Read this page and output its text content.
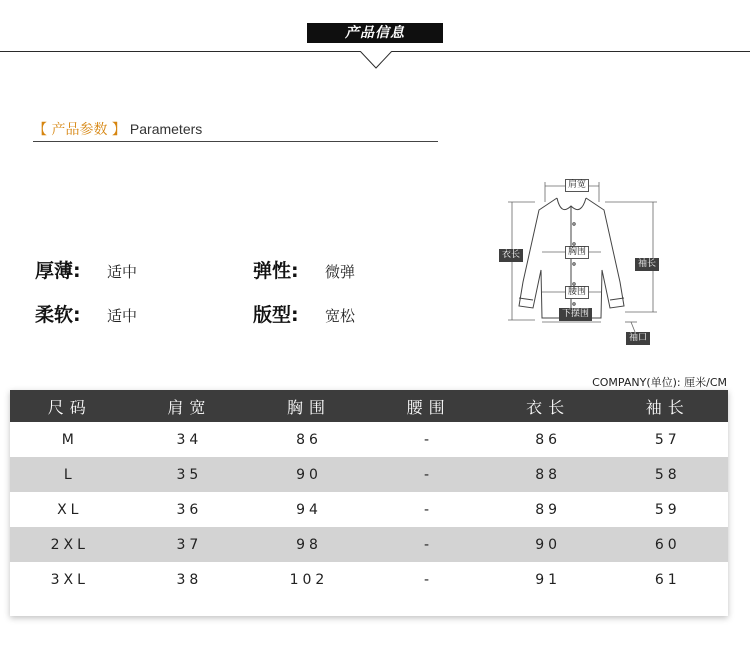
产品信息
【 产品参数 】 Parameters
厚薄: 适中	弹性: 微弹
柔软: 适中	版型: 宽松
肩宽
衣长	胸围
袖长
腰围
下摆围
袖口
COMPANY(单位): 厘米/CM
尺码	肩宽	胸围	腰围	衣长	袖长
M	34	86	-	86	57
L	35	90	-	88	58
XL	36	94	-	89	59
2XL	37	98	-	90	60
3XL	38	102	-	91	61
